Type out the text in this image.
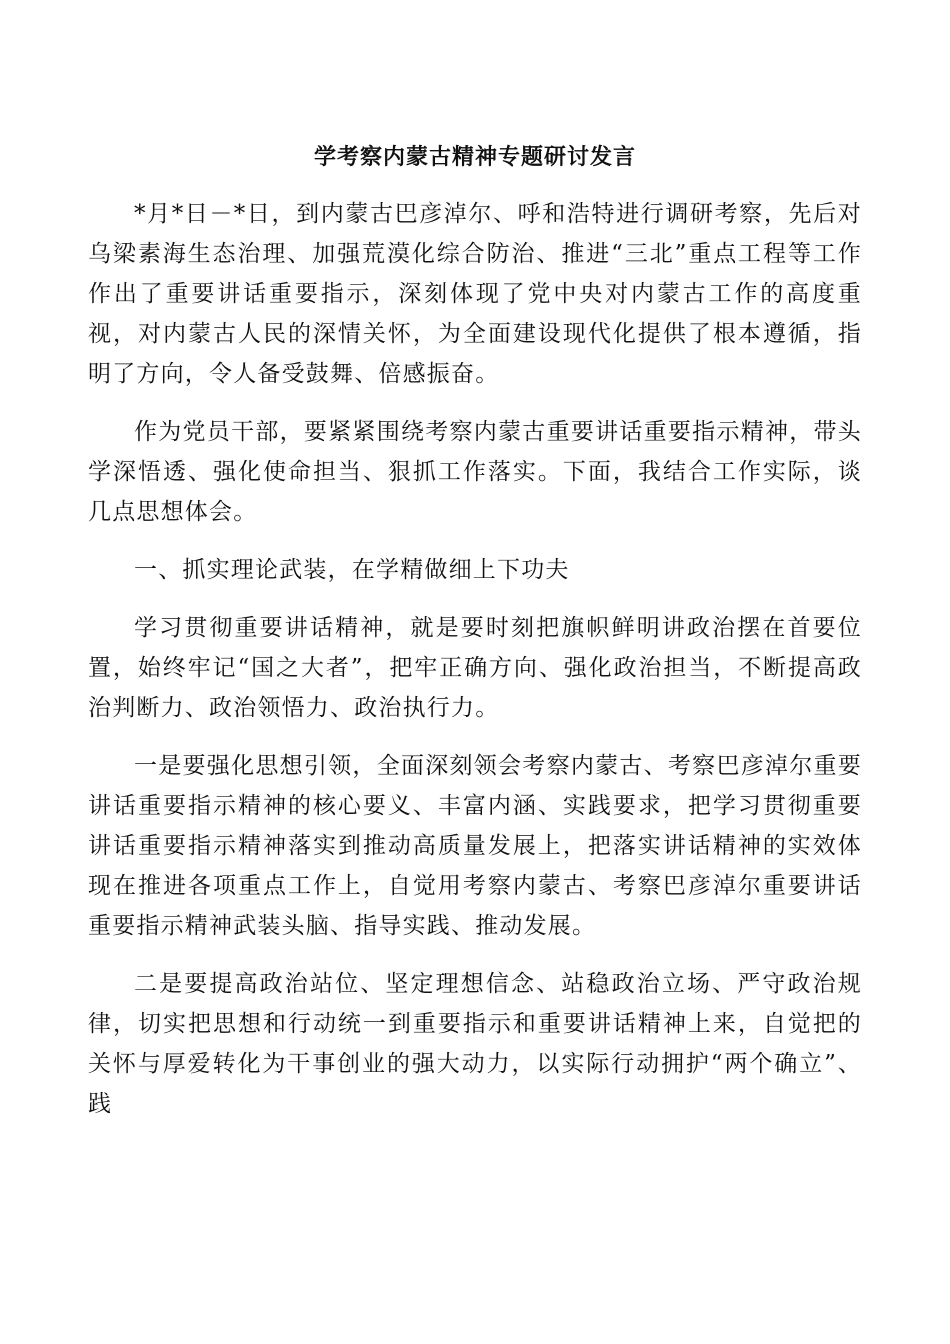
学考察内蒙古精神专题研讨发言

*月*日－*日，到内蒙古巴彦淖尔、呼和浩特进行调研考察，先后对乌梁素海生态治理、加强荒漠化综合防治、推进“三北”重点工程等工作作出了重要讲话重要指示，深刻体现了党中央对内蒙古工作的高度重视，对内蒙古人民的深情关怀，为全面建设现代化提供了根本遵循，指明了方向，令人备受鼓舞、倍感振奋。

作为党员干部，要紧紧围绕考察内蒙古重要讲话重要指示精神，带头学深悟透、强化使命担当、狠抓工作落实。下面，我结合工作实际，谈几点思想体会。

一、抓实理论武装，在学精做细上下功夫

学习贯彻重要讲话精神，就是要时刻把旗帜鲜明讲政治摆在首要位置，始终牢记“国之大者”，把牢正确方向、强化政治担当，不断提高政治判断力、政治领悟力、政治执行力。

一是要强化思想引领，全面深刻领会考察内蒙古、考察巴彦淖尔重要讲话重要指示精神的核心要义、丰富内涵、实践要求，把学习贯彻重要讲话重要指示精神落实到推动高质量发展上，把落实讲话精神的实效体现在推进各项重点工作上，自觉用考察内蒙古、考察巴彦淖尔重要讲话重要指示精神武装头脑、指导实践、推动发展。

二是要提高政治站位、坚定理想信念、站稳政治立场、严守政治规律，切实把思想和行动统一到重要指示和重要讲话精神上来，自觉把的关怀与厚爱转化为干事创业的强大动力，以实际行动拥护“两个确立”、践
